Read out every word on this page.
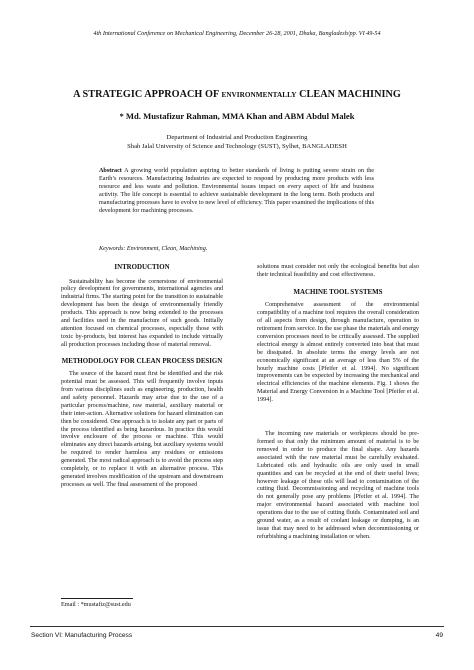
4th International Conference on Mechanical Engineering, December 26-28, 2001, Dhaka, Bangladesh/pp. VI 49-54
A STRATEGIC APPROACH OF ENVIRONMENTALLY CLEAN MACHINING
* Md. Mustafizur Rahman, MMA Khan and ABM Abdul Malek
Department of Industrial and Production Engineering
Shah Jalal University of Science and Technology (SUST), Sylhet, BANGLADESH
Abstract A growing world population aspiring to better standards of living is putting severe strain on the Earth’s resources. Manufacturing Industries are expected to respond by producing more products with less resource and less waste and pollution. Environmental issues impact on every aspect of life and business activity. The life concept is essential to achieve sustainable development in the long term. Both products and manufacturing processes have to evolve to new level of efficiency. This paper examined the implications of this development for machining processes.
Keywords: Environment, Clean, Machining.
INTRODUCTION

Sustainability has become the cornerstone of environmental policy development for governments, international agencies and industrial firms. The starting point for the transition to sustainable development has been the design of environmentally friendly products. This approach is now being extended to the processes and facilities used in the manufacture of such goods. Initially attention focused on chemical processes, especially those with toxic by-products, but interest has expanded to include virtually all production processes including those of material removal.

METHODOLOGY FOR CLEAN PROCESS DESIGN

The source of the hazard must first be identified and the risk potential must be assessed. This will frequently involve inputs from various disciplines such as engineering, production, health and safety personnel. Hazards may arise due to the use of a particular process/machine, raw material, auxiliary material or their inter-action. Alternative solutions for hazard elimination can then be considered. One approach is to isolate any part or parts of the process identified as being hazardous. In practice this would involve enclosure of the process or machine. This would eliminates any direct hazards arising, but auxiliary systems would be required to render harmless any residues or emissions generated. The most radical approach is to avoid the process step completely, or to replace it with an alternative process. This generated involves modification of the upstream and downstream processes as well. The final assessment of the proposed

solutions must consider not only the ecological benefits but also their technical feasibility and cost effectiveness.

MACHINE TOOL SYSTEMS

Comprehensive assessment of the environmental compatibility of a machine tool requires the overall consideration of all aspects from design, through manufacture, operation to retirement from service. In the use phase the materials and energy conversion processes need to be critically assessed. The supplied electrical energy is almost entirely converted into heat that must be dissipated. In absolute terms the energy levels are not economically significant at an average of less than 5% of the hourly machine costs [Pfeifer et al. 1994]. No significant improvements can be expected by increasing the mechanical and electrical efficiencies of the machine elements. Fig. 1 shows the Material and Energy Conversion in a Machine Tool [Pfeifer et al. 1994].

The incoming raw materials or workpieces should be pre-formed so that only the minimum amount of material is to be removed in order to produce the final shape. Any hazards associated with the raw material must be carefully evaluated. Lubricated oils and hydraulic oils are only used in small quantities and can be recycled at the end of their useful lives; however leakage of these oils will lead to contamination of the cutting fluid. Decommissioning and recycling of machine tools do not generally pose any problems [Pfeifer et al. 1994]. The major environmental hazard associated with machine tool operations due to the use of cutting fluids. Contaminated soil and ground water, as a result of coolant leakage or dumping, is an issue that may need to be addressed when decommissioning or refurbishing a machining installation or when.

Email : *mustafiz@sust.edu
Section VI: Manufacturing Process	49
